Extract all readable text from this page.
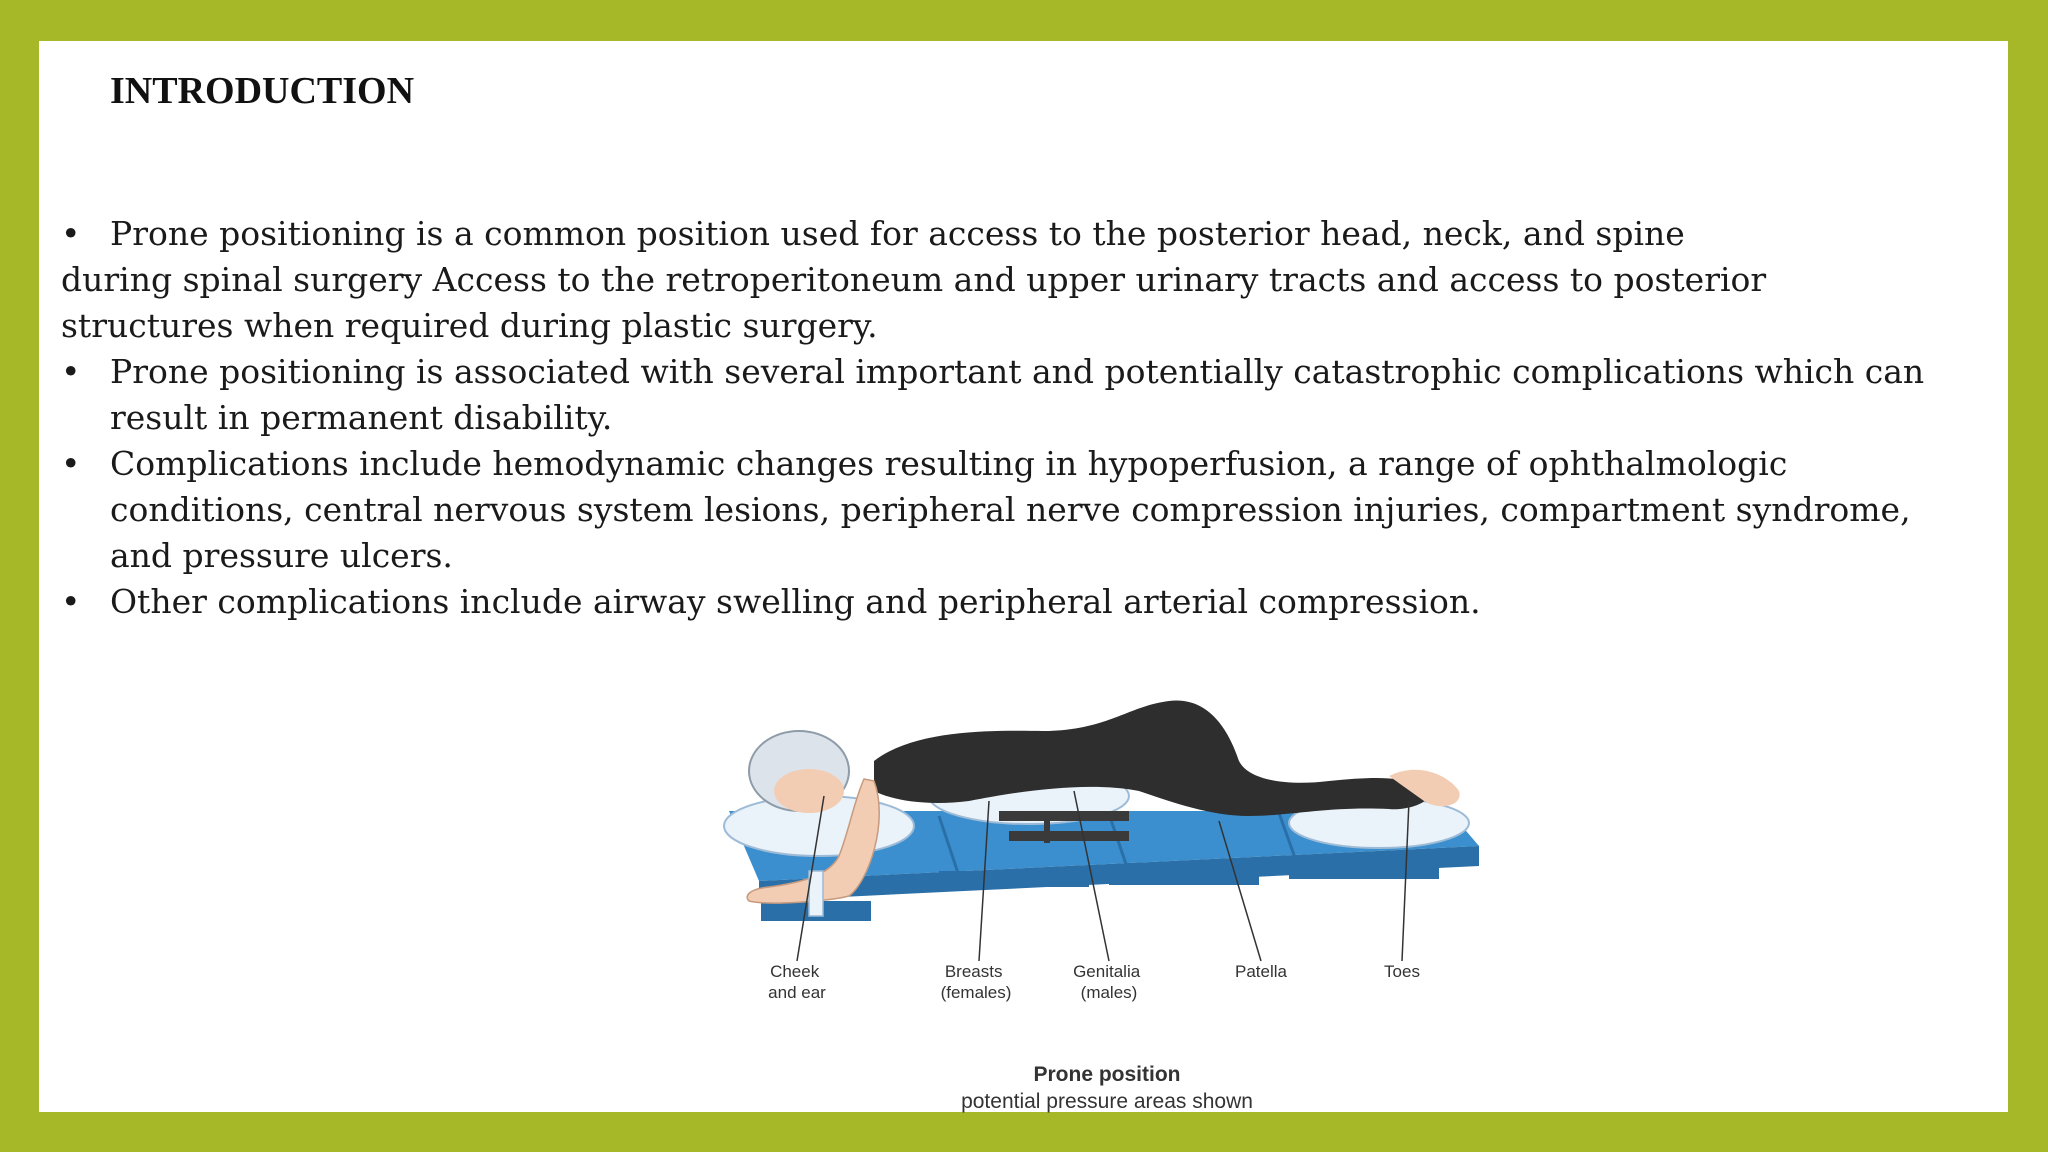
INTRODUCTION
• Prone positioning is a common position used for access to the posterior head, neck, and spine
during spinal surgery Access to the retroperitoneum and upper urinary tracts and access to posterior
structures when required during plastic surgery.
• Prone positioning is associated with several important and potentially catastrophic complications which can
result in permanent disability.
• Complications include hemodynamic changes resulting in hypoperfusion, a range of ophthalmologic
conditions, central nervous system lesions, peripheral nerve compression injuries, compartment syndrome,
and pressure ulcers.
• Other complications include airway swelling and peripheral arterial compression.
Cheek and ear
Breasts (females)
Genitalia (males)
Patella	Toes
Prone position
potential pressure areas shown
